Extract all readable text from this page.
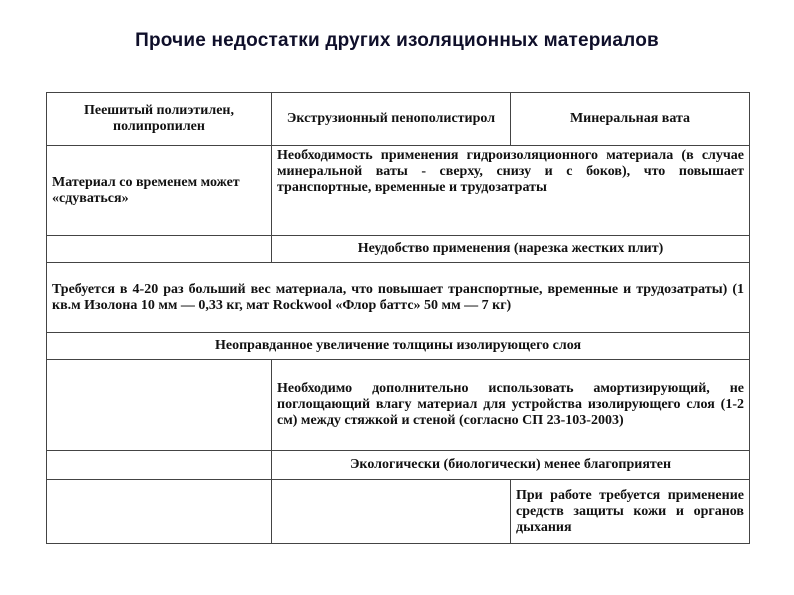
Прочие недостатки других изоляционных материалов
Пеешитый полиэтилен, полипропилен	Экструзионный пенополистирол	Минеральная вата
Материал со временем может «сдуваться»	Необходимость применения гидроизоляционного материала (в случае минеральной ваты - сверху, снизу и с боков), что повышает транспортные, временные и трудозатраты	
	Неудобство применения (нарезка жестких плит)	
Требуется в 4-20 раз больший вес материала, что повышает транспортные, временные и трудозатраты) (1 кв.м Изолона 10 мм — 0,33 кг, мат Rockwool «Флор баттс» 50 мм — 7 кг)		
Неоправданное увеличение толщины изолирующего слоя		
	Необходимо дополнительно использовать амортизирующий, не поглощающий влагу материал для устройства изолирующего слоя (1-2 см) между стяжкой и стеной (согласно СП 23-103-2003)	
	Экологически (биологически) менее благоприятен	
		При работе требуется применение средств защиты кожи и органов дыхания
